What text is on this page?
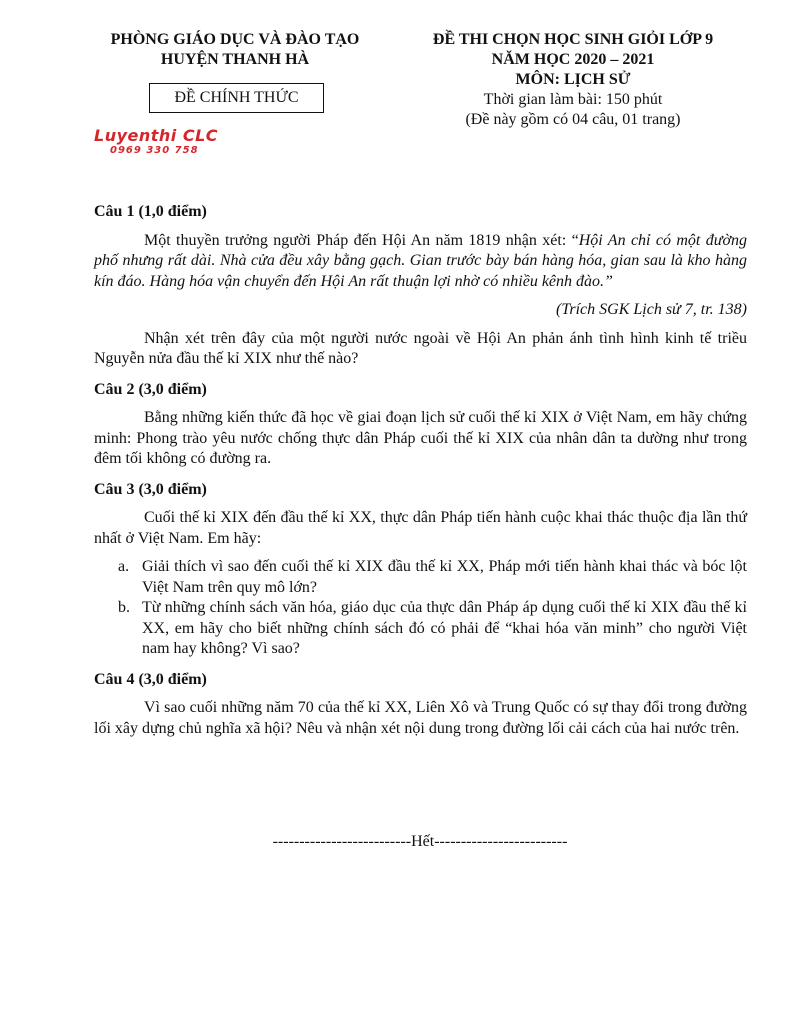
PHÒNG GIÁO DỤC VÀ ĐÀO TẠO
HUYỆN THANH HÀ
ĐỀ CHÍNH THỨC
Luyenthi CLC
0969 330 758
ĐỀ THI CHỌN HỌC SINH GIỎI LỚP 9
NĂM HỌC 2020 – 2021
MÔN: LỊCH SỬ
Thời gian làm bài: 150 phút
(Đề này gồm có 04 câu, 01 trang)

Câu 1 (1,0 điểm)

Một thuyền trưởng người Pháp đến Hội An năm 1819 nhận xét: “Hội An chỉ có một đường phố nhưng rất dài. Nhà cửa đều xây bằng gạch. Gian trước bày bán hàng hóa, gian sau là kho hàng kín đáo. Hàng hóa vận chuyển đến Hội An rất thuận lợi nhờ có nhiều kênh đào.”

(Trích SGK Lịch sử 7, tr. 138)

Nhận xét trên đây của một người nước ngoài về Hội An phản ánh tình hình kinh tế triều Nguyễn nửa đầu thế kỉ XIX như thế nào?

Câu 2 (3,0 điểm)

Bằng những kiến thức đã học về giai đoạn lịch sử cuối thế kỉ XIX ở Việt Nam, em hãy chứng minh: Phong trào yêu nước chống thực dân Pháp cuối thế kỉ XIX của nhân dân ta dường như trong đêm tối không có đường ra.

Câu 3 (3,0 điểm)

Cuối thế kỉ XIX đến đầu thế kỉ XX, thực dân Pháp tiến hành cuộc khai thác thuộc địa lần thứ nhất ở Việt Nam. Em hãy:

a. Giải thích vì sao đến cuối thế kỉ XIX đầu thế kỉ XX, Pháp mới tiến hành khai thác và bóc lột Việt Nam trên quy mô lớn?
b. Từ những chính sách văn hóa, giáo dục của thực dân Pháp áp dụng cuối thế kỉ XIX đầu thế kỉ XX, em hãy cho biết những chính sách đó có phải để “khai hóa văn minh” cho người Việt nam hay không? Vì sao?

Câu 4 (3,0 điểm)

Vì sao cuối những năm 70 của thế kỉ XX, Liên Xô và Trung Quốc có sự thay đổi trong đường lối xây dựng chủ nghĩa xã hội? Nêu và nhận xét nội dung trong đường lối cải cách của hai nước trên.

--------------------------Hết-------------------------
